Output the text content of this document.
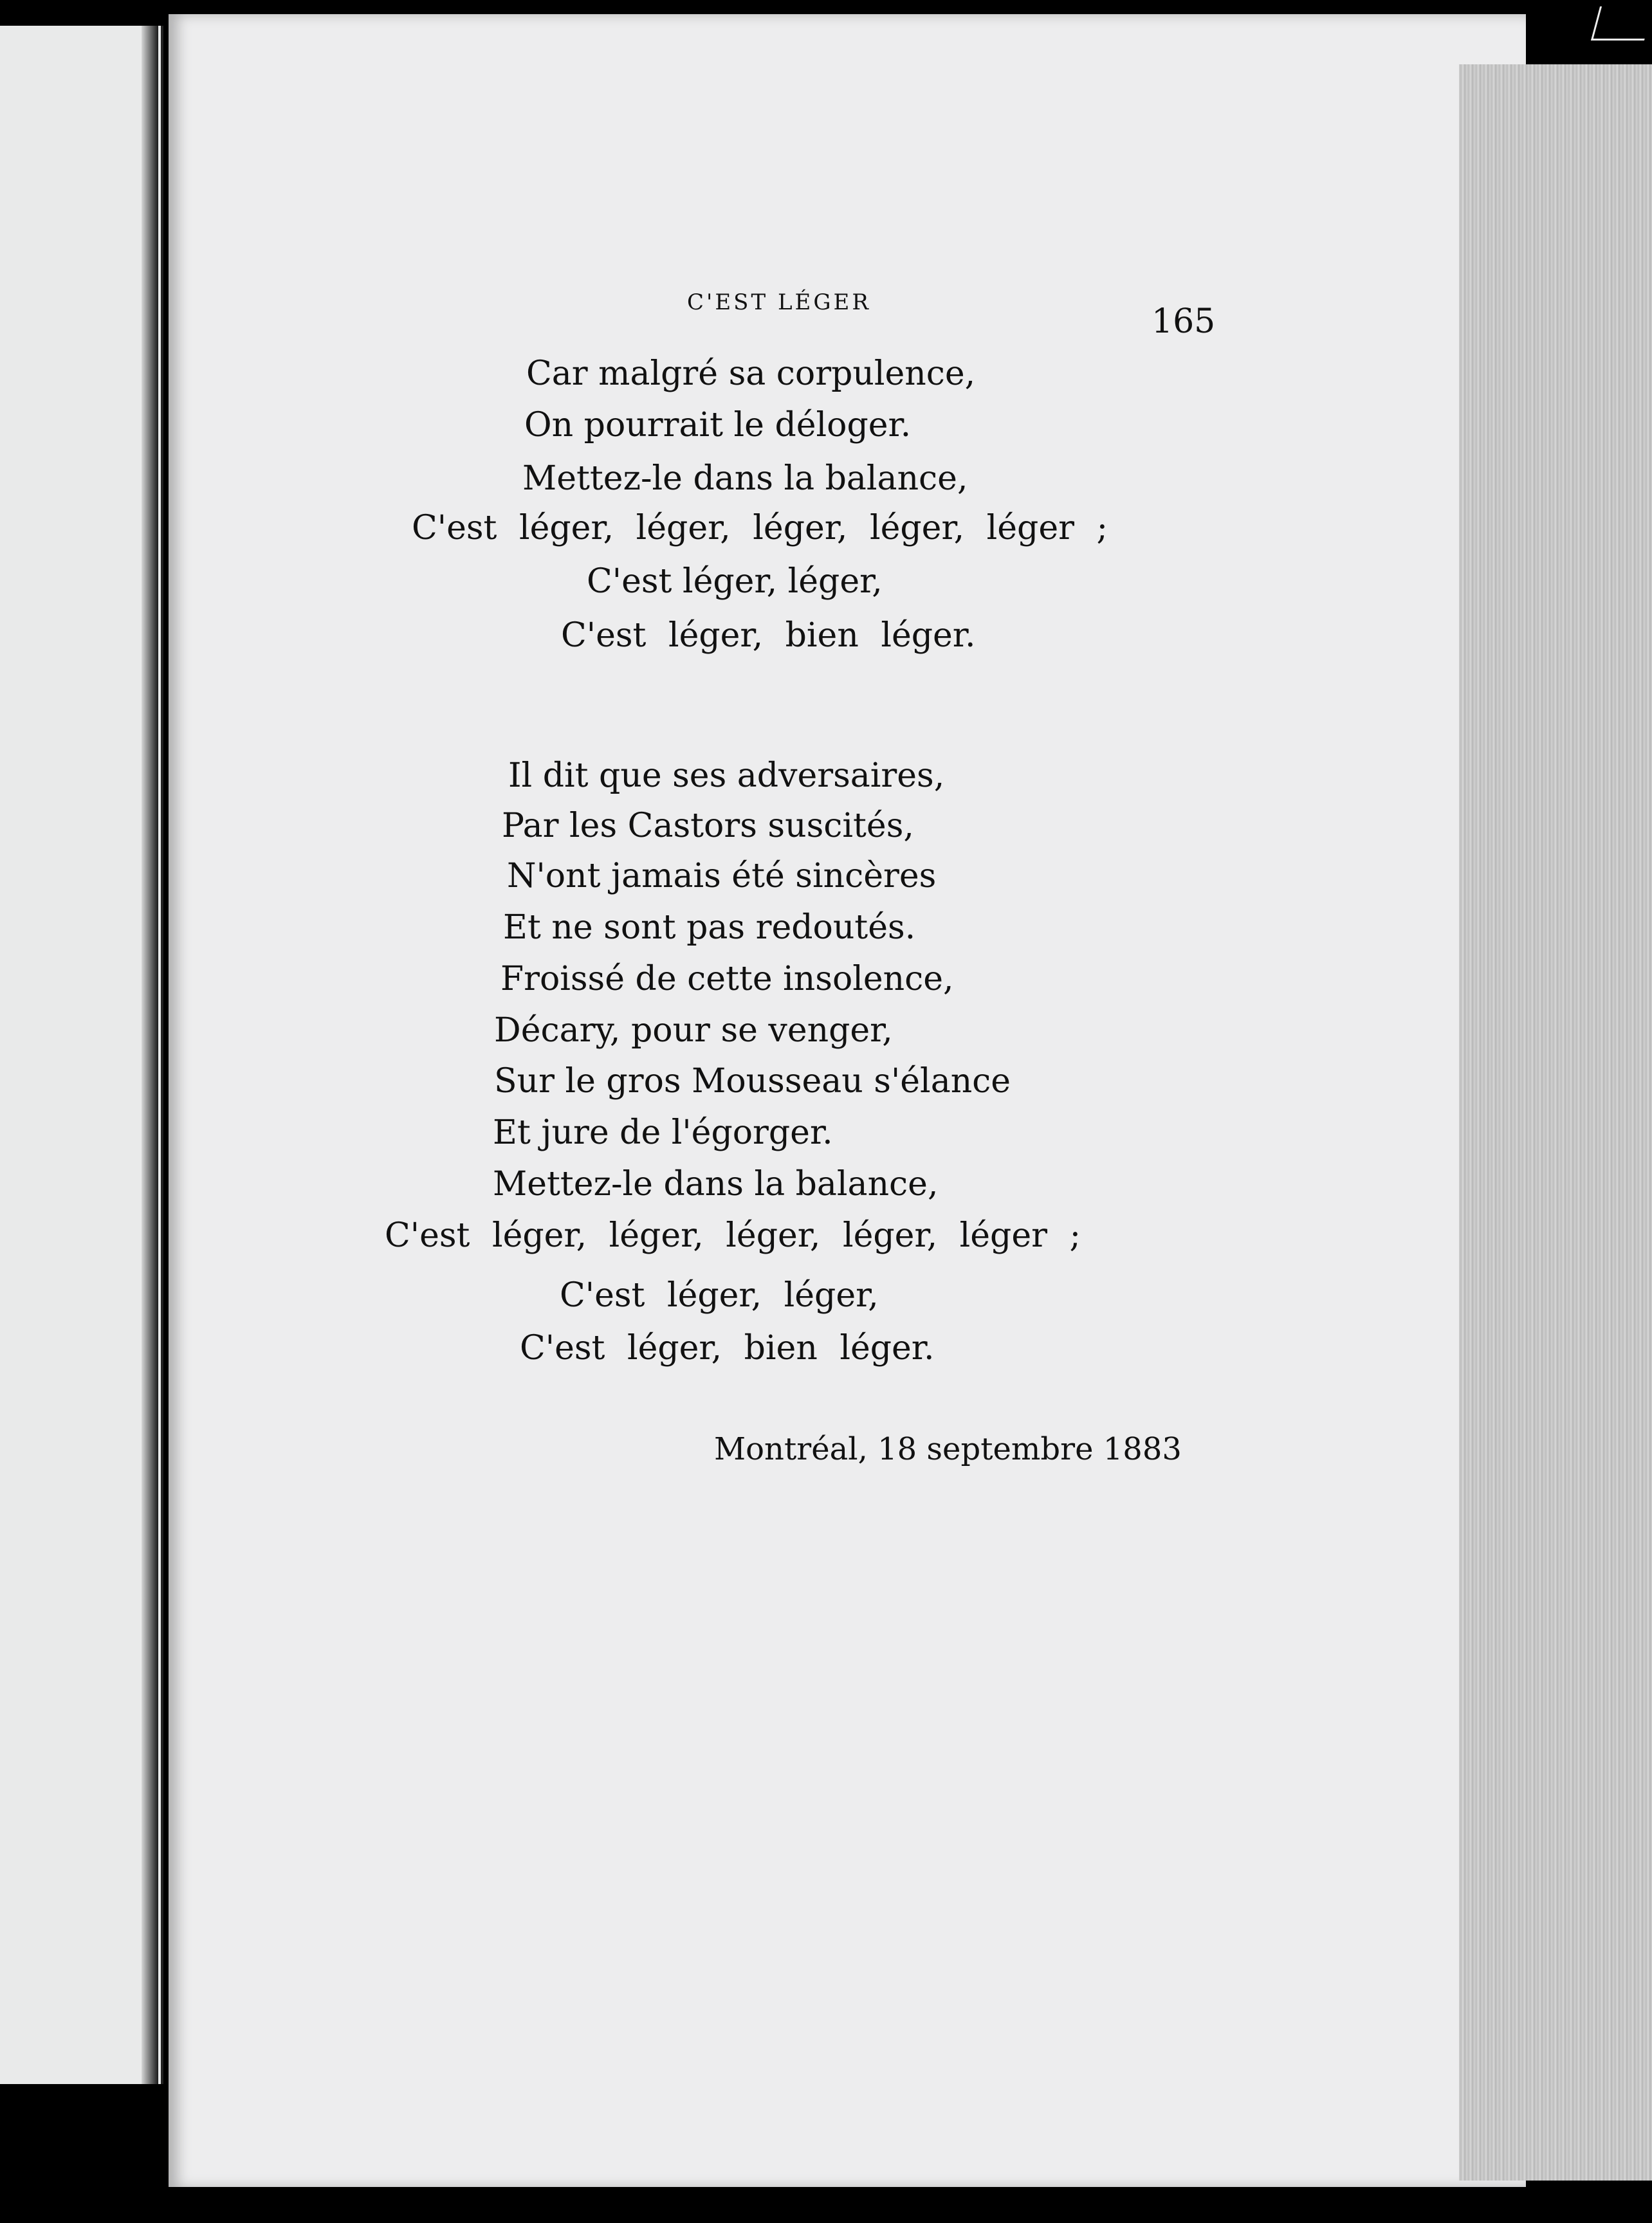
C'EST LÉGER	165
Car malgré sa corpulence,
On pourrait le déloger.
Mettez-le dans la balance,
C'est léger, léger, léger, léger, léger ;
C'est léger, léger,
C'est léger, bien léger.
Il dit que ses adversaires,
Par les Castors suscités,
N'ont jamais été sincères
Et ne sont pas redoutés.
Froissé de cette insolence,
Décary, pour se venger,
Sur le gros Mousseau s'élance
Et jure de l'égorger.
Mettez-le dans la balance,
C'est léger, léger, léger, léger, léger ;
C'est léger, léger,
C'est léger, bien léger.
Montréal, 18 septembre 1883
